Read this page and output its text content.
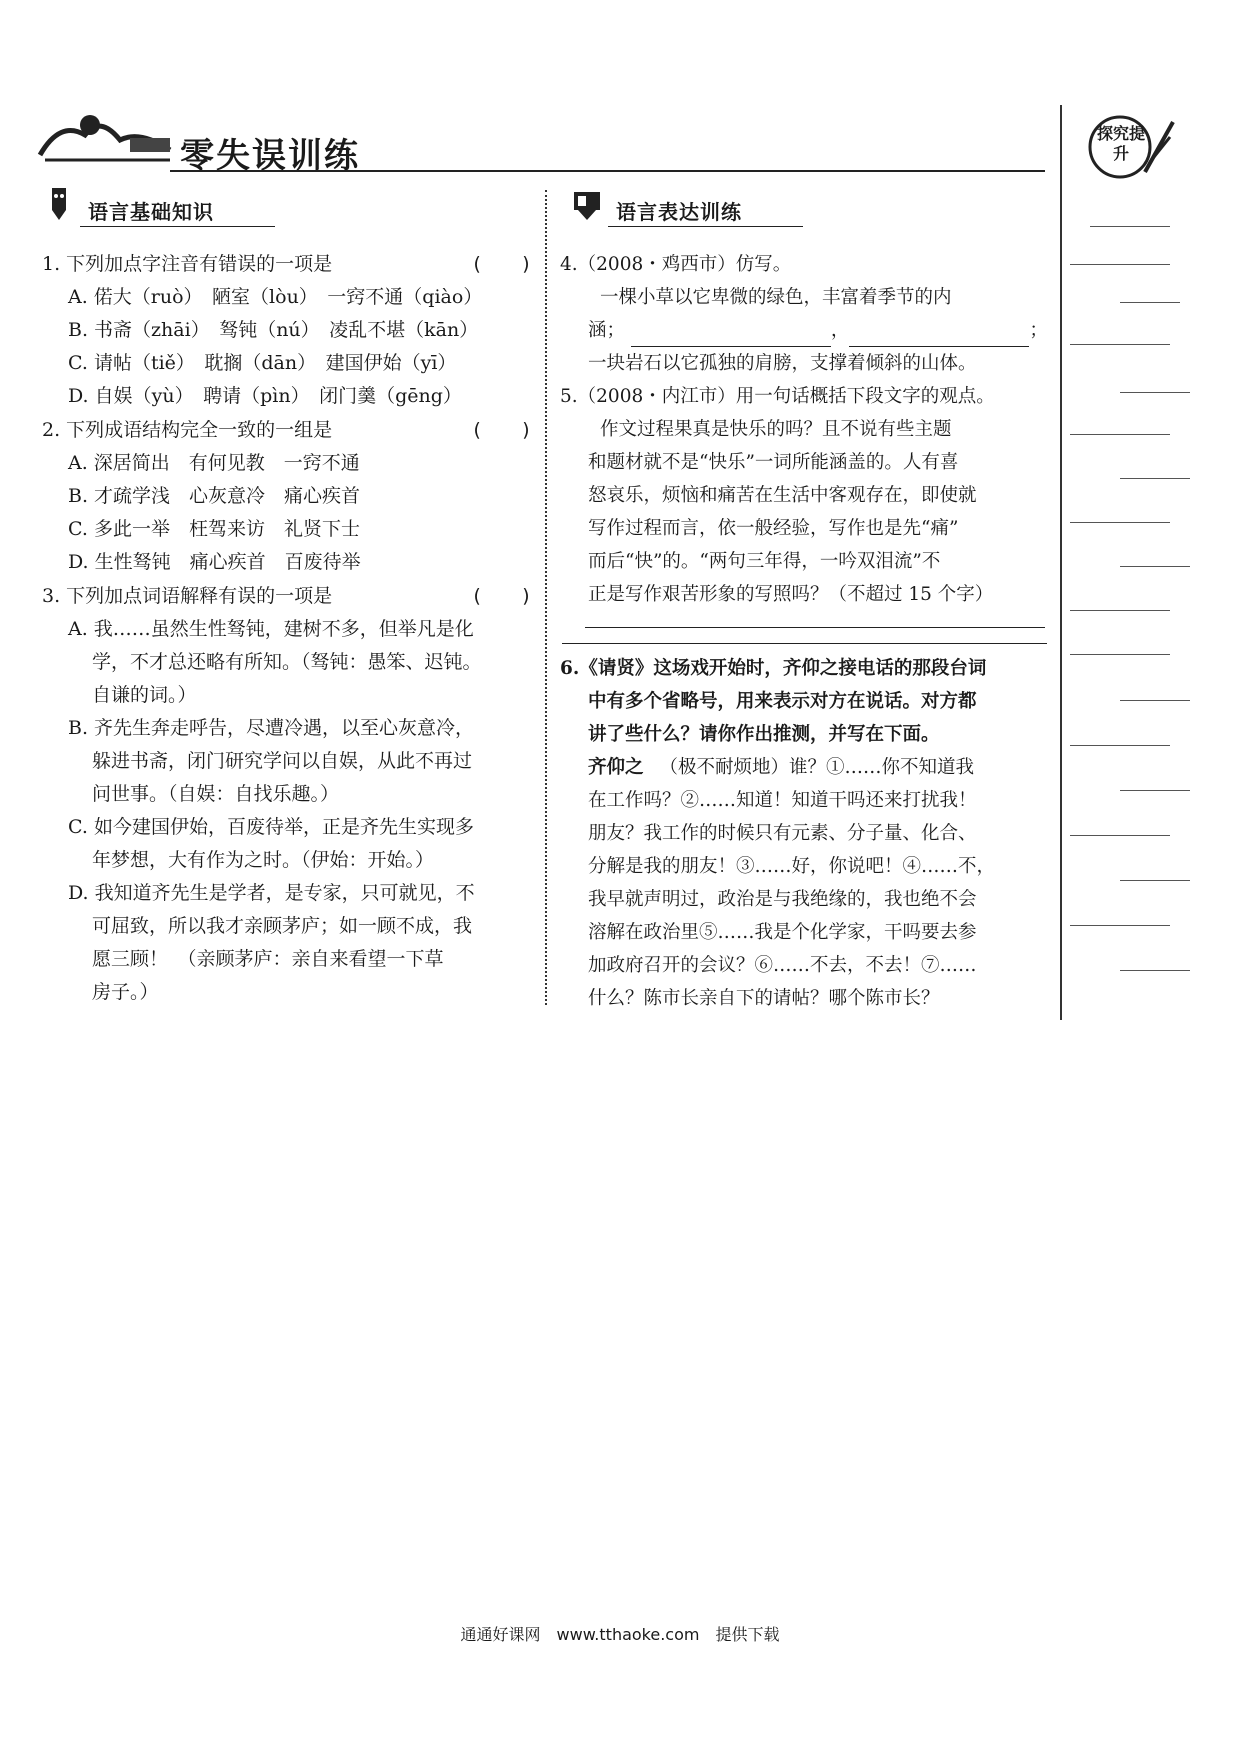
零失误训练
探究提升
语言基础知识
1. 下列加点字注音有错误的一项是	(　　)
A. 偌大（ruò）　陋室（lòu）　一窍不通（qiào）
B. 书斋（zhāi）　驽钝（nú）　凌乱不堪（kān）
C. 请帖（tiě）　耽搁（dān）　建国伊始（yī）
D. 自娱（yù）　聘请（pìn）　闭门羹（gēng）
2. 下列成语结构完全一致的一组是	(　　)
A. 深居简出　有何见教　一窍不通
B. 才疏学浅　心灰意冷　痛心疾首
C. 多此一举　枉驾来访　礼贤下士
D. 生性驽钝　痛心疾首　百废待举
3. 下列加点词语解释有误的一项是	(　　)
A. 我……虽然生性驽钝，建树不多，但举凡是化
学，不才总还略有所知。（驽钝：愚笨、迟钝。
自谦的词。）
B. 齐先生奔走呼告，尽遭冷遇，以至心灰意冷，
躲进书斋，闭门研究学问以自娱，从此不再过
问世事。（自娱：自找乐趣。）
C. 如今建国伊始，百废待举，正是齐先生实现多
年梦想，大有作为之时。（伊始：开始。）
D. 我知道齐先生是学者，是专家，只可就见，不
可屈致，所以我才亲顾茅庐；如一顾不成，我
愿三顾！　（亲顾茅庐：亲自来看望一下草
房子。）
语言表达训练
4.（2008・鸡西市）仿写。
一棵小草以它卑微的绿色，丰富着季节的内
涵；	，	；
一块岩石以它孤独的肩膀，支撑着倾斜的山体。
5.（2008・内江市）用一句话概括下段文字的观点。
作文过程果真是快乐的吗？且不说有些主题
和题材就不是“快乐”一词所能涵盖的。人有喜
怒哀乐，烦恼和痛苦在生活中客观存在，即使就
写作过程而言，依一般经验，写作也是先“痛”
而后“快”的。“两句三年得，一吟双泪流”不
正是写作艰苦形象的写照吗？（不超过 15 个字）
6.《请贤》这场戏开始时，齐仰之接电话的那段台词
中有多个省略号，用来表示对方在说话。对方都
讲了些什么？请你作出推测，并写在下面。
齐仰之 （极不耐烦地）谁？①……你不知道我
在工作吗？②……知道！知道干吗还来打扰我！
朋友？我工作的时候只有元素、分子量、化合、
分解是我的朋友！③……好，你说吧！④……不，
我早就声明过，政治是与我绝缘的，我也绝不会
溶解在政治里⑤……我是个化学家，干吗要去参
加政府召开的会议？⑥……不去，不去！⑦……
什么？陈市长亲自下的请帖？哪个陈市长？
通通好课网　www.tthaoke.com　提供下载
